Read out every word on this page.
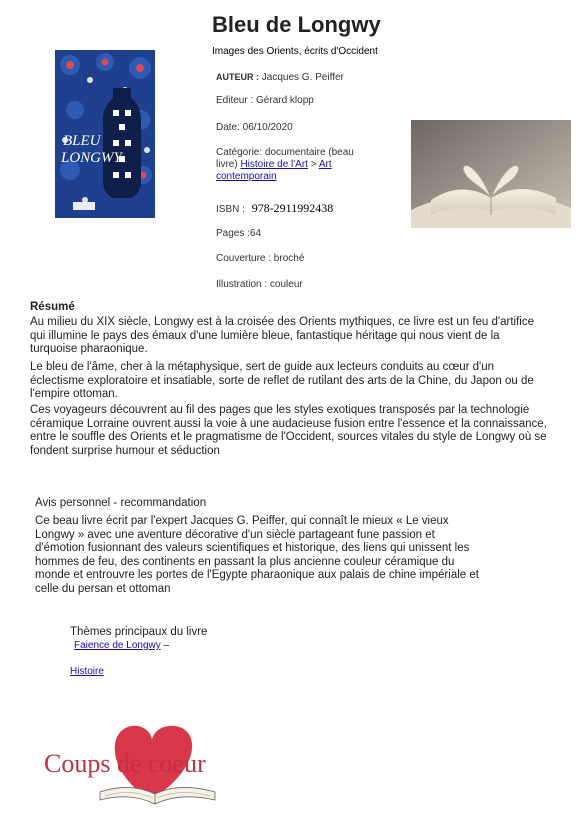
Bleu de Longwy
Images des Orients, écrits d'Occident
BLEU
LONGWY
AUTEUR : Jacques G. Peiffer
Editeur : Gérard klopp
Date: 06/10/2020
Catégorie: documentaire (beau livre) Histoire de l'Art > Art contemporain
ISBN : 978-2911992438
Pages :64
Couverture : broché
Illustration : couleur
Résumé
Au milieu du XIX siècle, Longwy est à la croisée des Orients mythiques, ce livre est un feu d'artifice qui illumine le pays des émaux d'une lumière bleue, fantastique héritage qui nous vient de la turquoise pharaonique.
Le bleu de l'âme, cher à la métaphysique, sert de guide aux lecteurs conduits au cœur d'un éclectisme exploratoire et insatiable, sorte de reflet de rutilant des arts de la Chine, du Japon ou de l'empire ottoman.
Ces voyageurs découvrent au fil des pages que les styles exotiques transposés par la technologie céramique Lorraine ouvrent aussi la voie à une audacieuse fusion entre l'essence et la connaissance, entre le souffle des Orients et le pragmatisme de l'Occident, sources vitales du style de Longwy où se fondent surprise humour et séduction
Avis personnel - recommandation
Ce beau livre écrit par l'expert Jacques G. Peiffer, qui connaît le mieux « Le vieux Longwy » avec une aventure décorative d'un siècle partageant fune passion et d'émotion fusionnant des valeurs scientifiques et historique, des liens qui unissent les hommes de feu, des continents en passant la plus ancienne couleur céramique du monde et entrouvre les portes de l'Egypte pharaonique aux palais de chine impériale et celle du persan et ottoman
Thèmes principaux du livre
Faience de Longwy –
Histoire
Coups de coeur
